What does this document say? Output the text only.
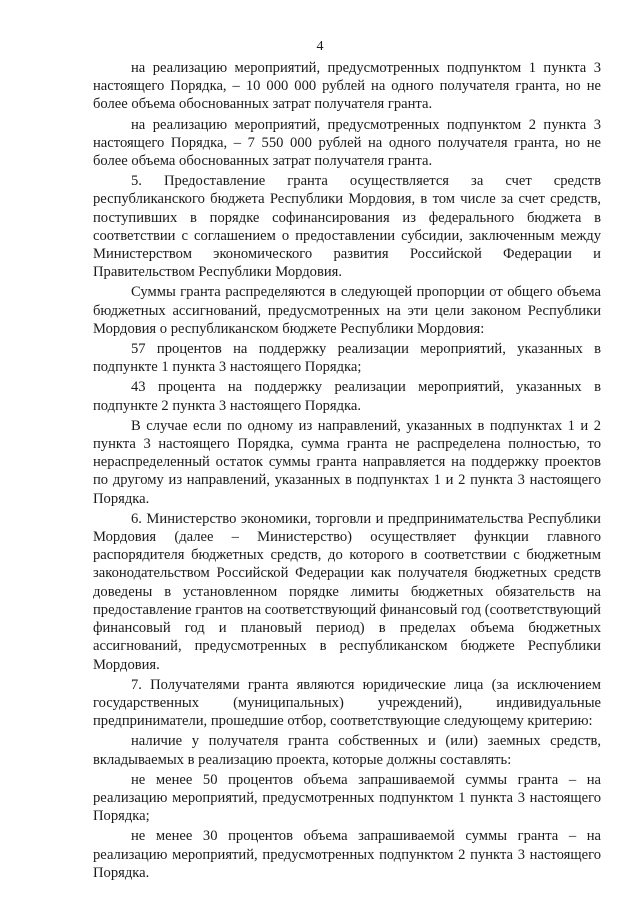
4

на реализацию мероприятий, предусмотренных подпунктом 1 пункта 3 настоящего Порядка, – 10 000 000 рублей на одного получателя гранта, но не более объема обоснованных затрат получателя гранта.

на реализацию мероприятий, предусмотренных подпунктом 2 пункта 3 настоящего Порядка, – 7 550 000 рублей на одного получателя гранта, но не более объема обоснованных затрат получателя гранта.

5. Предоставление гранта осуществляется за счет средств республиканского бюджета Республики Мордовия, в том числе за счет средств, поступивших в порядке софинансирования из федерального бюджета в соответствии с соглашением о предоставлении субсидии, заключенным между Министерством экономического развития Российской Федерации и Правительством Республики Мордовия.

Суммы гранта распределяются в следующей пропорции от общего объема бюджетных ассигнований, предусмотренных на эти цели законом Республики Мордовия о республиканском бюджете Республики Мордовия:

57 процентов на поддержку реализации мероприятий, указанных в подпункте 1 пункта 3 настоящего Порядка;

43 процента на поддержку реализации мероприятий, указанных в подпункте 2 пункта 3 настоящего Порядка.

В случае если по одному из направлений, указанных в подпунктах 1 и 2 пункта 3 настоящего Порядка, сумма гранта не распределена полностью, то нераспределенный остаток суммы гранта направляется на поддержку проектов по другому из направлений, указанных в подпунктах 1 и 2 пункта 3 настоящего Порядка.

6. Министерство экономики, торговли и предпринимательства Республики Мордовия (далее – Министерство) осуществляет функции главного распорядителя бюджетных средств, до которого в соответствии с бюджетным законодательством Российской Федерации как получателя бюджетных средств доведены в установленном порядке лимиты бюджетных обязательств на предоставление грантов на соответствующий финансовый год (соответствующий финансовый год и плановый период) в пределах объема бюджетных ассигнований, предусмотренных в республиканском бюджете Республики Мордовия.

7. Получателями гранта являются юридические лица (за исключением государственных (муниципальных) учреждений), индивидуальные предприниматели, прошедшие отбор, соответствующие следующему критерию:

наличие у получателя гранта собственных и (или) заемных средств, вкладываемых в реализацию проекта, которые должны составлять:

не менее 50 процентов объема запрашиваемой суммы гранта – на реализацию мероприятий, предусмотренных подпунктом 1 пункта 3 настоящего Порядка;

не менее 30 процентов объема запрашиваемой суммы гранта – на реализацию мероприятий, предусмотренных подпунктом 2 пункта 3 настоящего Порядка.
